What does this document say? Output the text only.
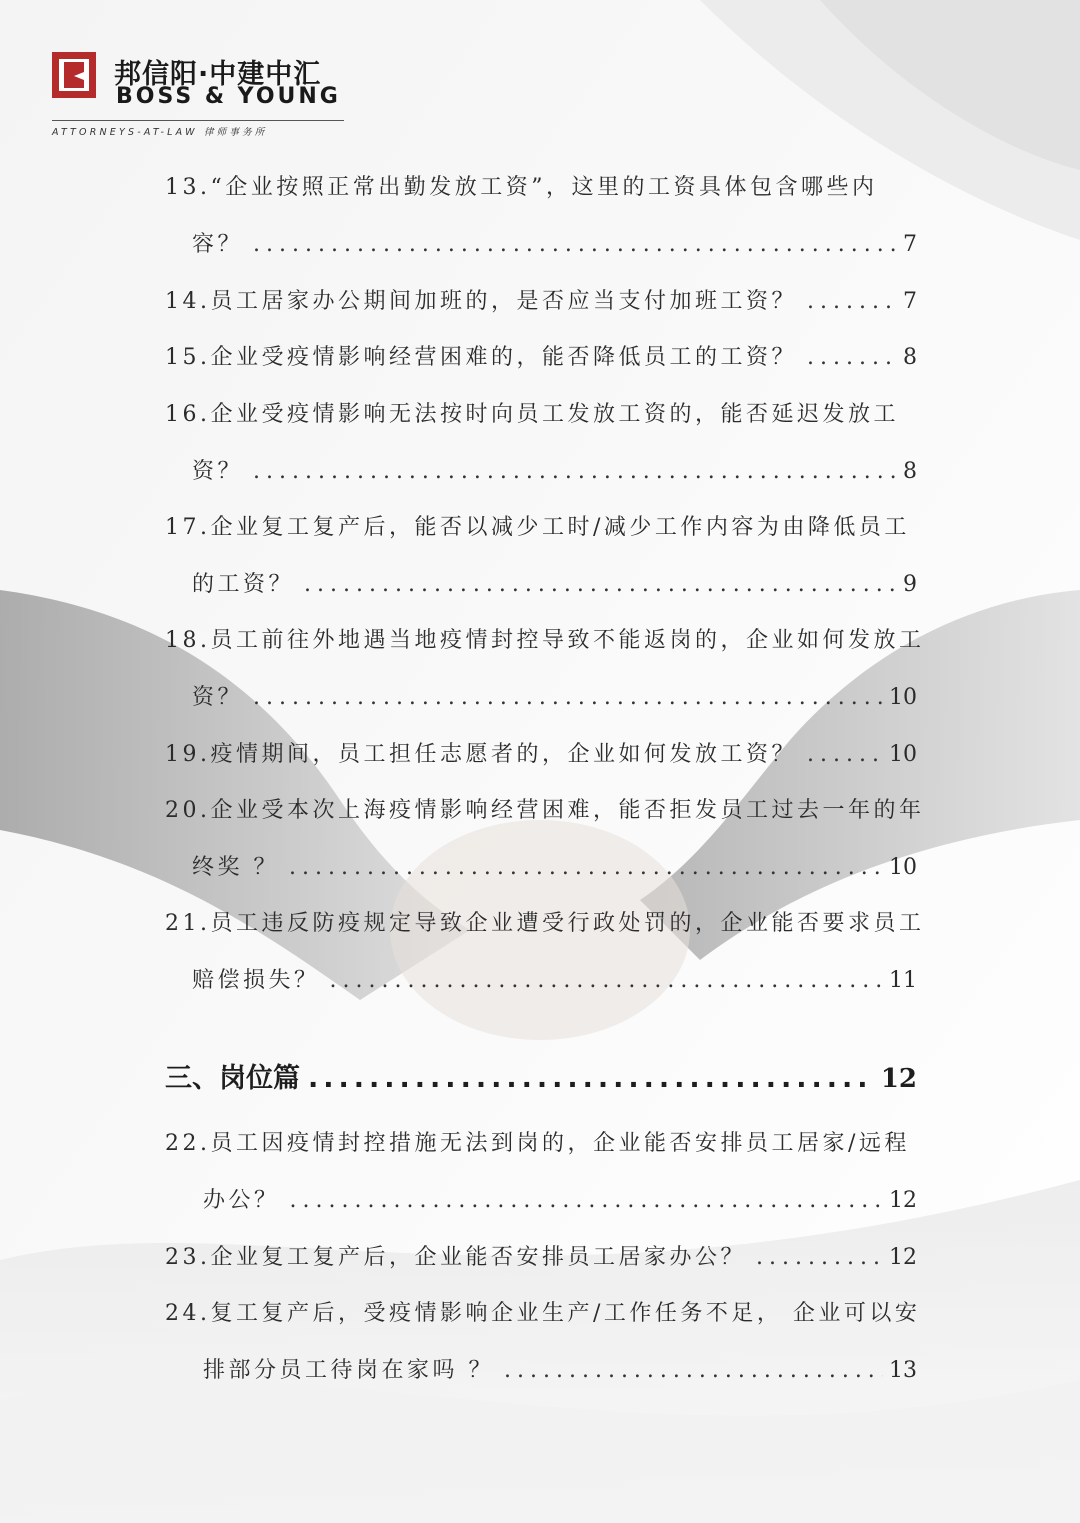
邦信阳·中建中汇
BOSS & YOUNG
ATTORNEYS-AT-LAW 律师事务所
13.“企业按照正常出勤发放工资”，这里的工资具体包含哪些内
容？ .....	7
14.员工居家办公期间加班的，是否应当支付加班工资？ .....	7
15.企业受疫情影响经营困难的，能否降低员工的工资？ .....	8
16.企业受疫情影响无法按时向员工发放工资的，能否延迟发放工
资？ .....	8
17.企业复工复产后，能否以减少工时/减少工作内容为由降低员工
的工资？ .....	9
18.员工前往外地遇当地疫情封控导致不能返岗的，企业如何发放工
资？ .....	10
19.疫情期间，员工担任志愿者的，企业如何发放工资？ .....	10
20.企业受本次上海疫情影响经营困难，能否拒发员工过去一年的年
终奖 ？ .....	10
21.员工违反防疫规定导致企业遭受行政处罚的，企业能否要求员工
赔偿损失？ .....	11
三、岗位篇 .....	12
22.员工因疫情封控措施无法到岗的，企业能否安排员工居家/远程
办公？ .....	12
23.企业复工复产后，企业能否安排员工居家办公？ .....	12
24.复工复产后，受疫情影响企业生产/工作任务不足， 企业可以安
排部分员工待岗在家吗 ？ .....	13
